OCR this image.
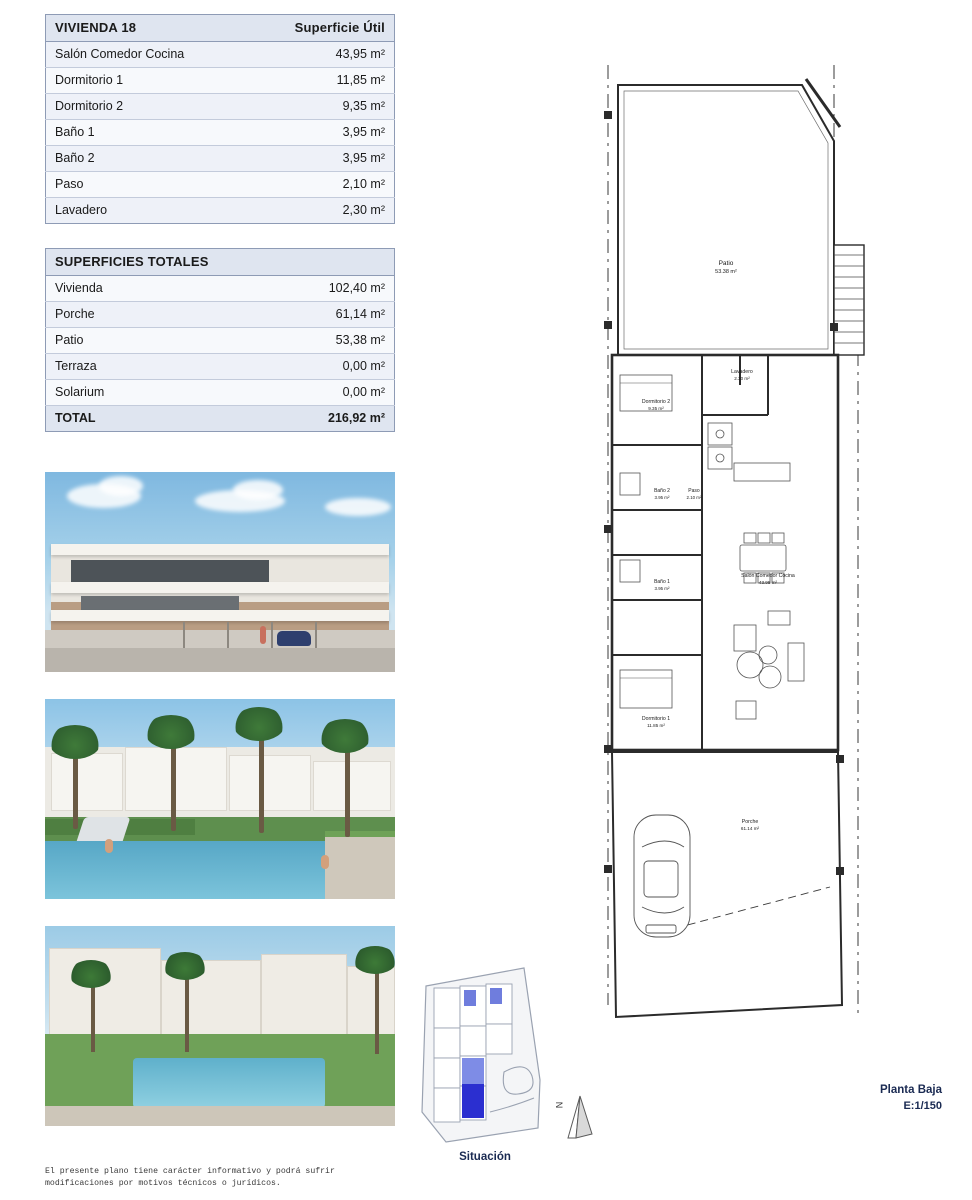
VIVIENDA 18	Superficie Útil
Salón Comedor Cocina	43,95 m²
Dormitorio 1	11,85 m²
Dormitorio 2	9,35 m²
Baño 1	3,95 m²
Baño 2	3,95 m²
Paso	2,10 m²
Lavadero	2,30 m²
SUPERFICIES TOTALES	
Vivienda	102,40 m²
Porche	61,14 m²
Patio	53,38 m²
Terraza	0,00 m²
Solarium	0,00 m²
TOTAL	216,92 m²
El presente plano tiene carácter informativo y podrá sufrir
modificaciones por motivos técnicos o jurídicos.
Situación
N
Patio
53.38 m²
Lavadero
2.30 m²
Dormitorio 2
9.35 m²
Baño 2
3.95 m²
Paso
2.10 m²
Baño 1
3.95 m²
Salón Comedor Cocina
43.95 m²
Dormitorio 1
11.85 m²
Porche
61.14 m²
Planta Baja
E:1/150
